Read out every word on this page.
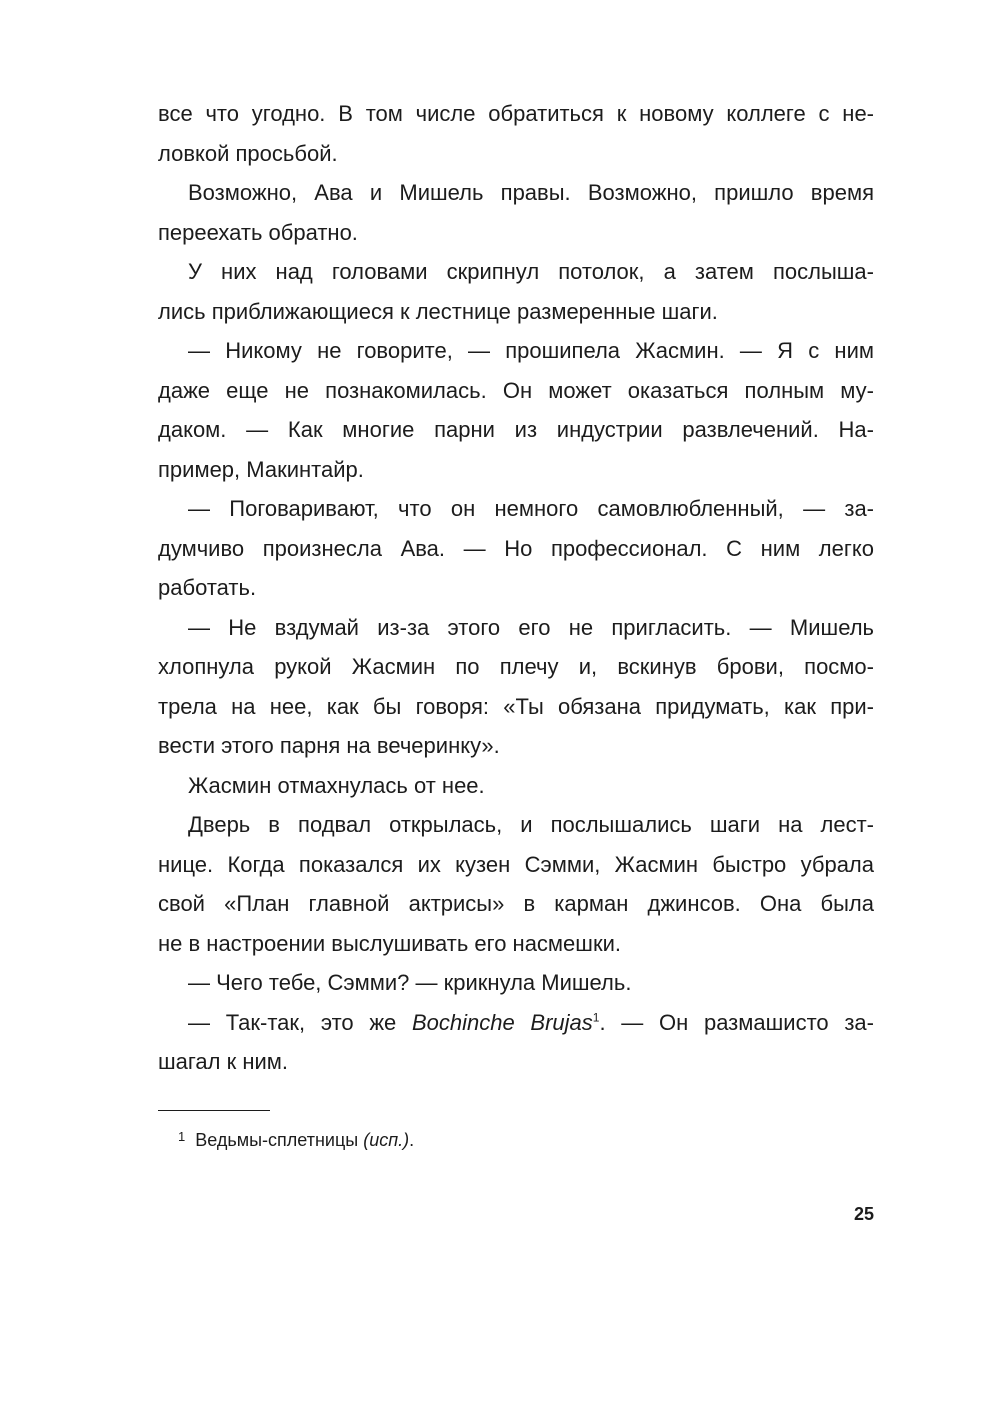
все что угодно. В том числе обратиться к новому коллеге с не-
ловкой просьбой.
Возможно, Ава и Мишель правы. Возможно, пришло время
переехать обратно.
У них над головами скрипнул потолок, а затем послыша-
лись приближающиеся к лестнице размеренные шаги.
— Никому не говорите, — прошипела Жасмин. — Я с ним
даже еще не познакомилась. Он может оказаться полным му-
даком. — Как многие парни из индустрии развлечений. На-
пример, Макинтайр.
— Поговаривают, что он немного самовлюбленный, — за-
думчиво произнесла Ава. — Но профессионал. С ним легко
работать.
— Не вздумай из-за этого его не пригласить. — Мишель
хлопнула рукой Жасмин по плечу и, вскинув брови, посмо-
трела на нее, как бы говоря: «Ты обязана придумать, как при-
вести этого парня на вечеринку».
Жасмин отмахнулась от нее.
Дверь в подвал открылась, и послышались шаги на лест-
нице. Когда показался их кузен Сэмми, Жасмин быстро убрала
свой «План главной актрисы» в карман джинсов. Она была
не в настроении выслушивать его насмешки.
— Чего тебе, Сэмми? — крикнула Мишель.
— Так-так, это же Bochinche Brujas$^1$. — Он размашисто за-
шагал к ним.
1 Ведьмы-сплетницы (исп.).
25
